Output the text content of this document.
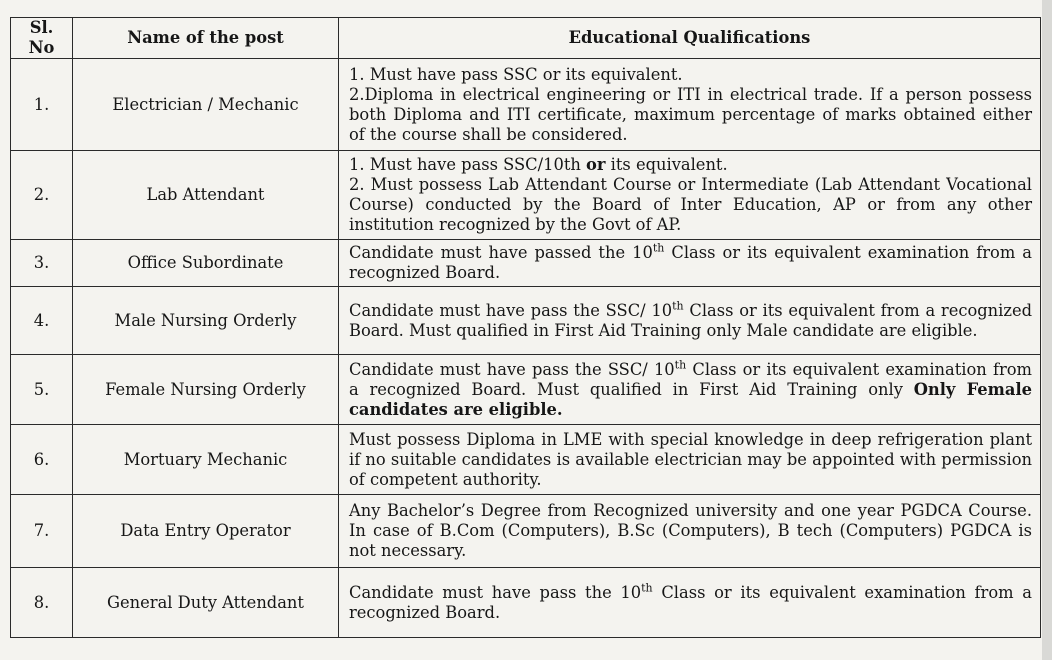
Sl.
No	Name of the post	Educational Qualifications
1.	Electrician / Mechanic	1. Must have pass SSC or its equivalent.
2.Diploma in electrical engineering or ITI in electrical trade. If a person possess both Diploma and ITI certificate, maximum percentage of marks obtained either of the course shall be considered.

2.	Lab Attendant	1. Must have pass SSC/10th or its equivalent.
2. Must possess Lab Attendant Course or Intermediate (Lab Attendant Vocational Course) conducted by the Board of Inter Education, AP or from any other institution recognized by the Govt of AP.

3.	Office Subordinate	Candidate must have passed the 10th Class or its equivalent examination from a recognized Board.
4.	Male Nursing Orderly	Candidate must have pass the SSC/ 10th Class or its equivalent from a recognized Board. Must qualified in First Aid Training only Male candidate are eligible.
5.	Female Nursing Orderly	Candidate must have pass the SSC/ 10th Class or its equivalent examination from a recognized Board. Must qualified in First Aid Training only Only Female candidates are eligible.
6.	Mortuary Mechanic	Must possess Diploma in LME with special knowledge in deep refrigeration plant if no suitable candidates is available electrician may be appointed with permission of competent authority.
7.	Data Entry Operator	Any Bachelor’s Degree from Recognized university and one year PGDCA Course. In case of B.Com (Computers), B.Sc (Computers), B tech (Computers) PGDCA is not necessary.
8.	General Duty Attendant	Candidate must have pass the 10th Class or its equivalent examination from a recognized Board.
